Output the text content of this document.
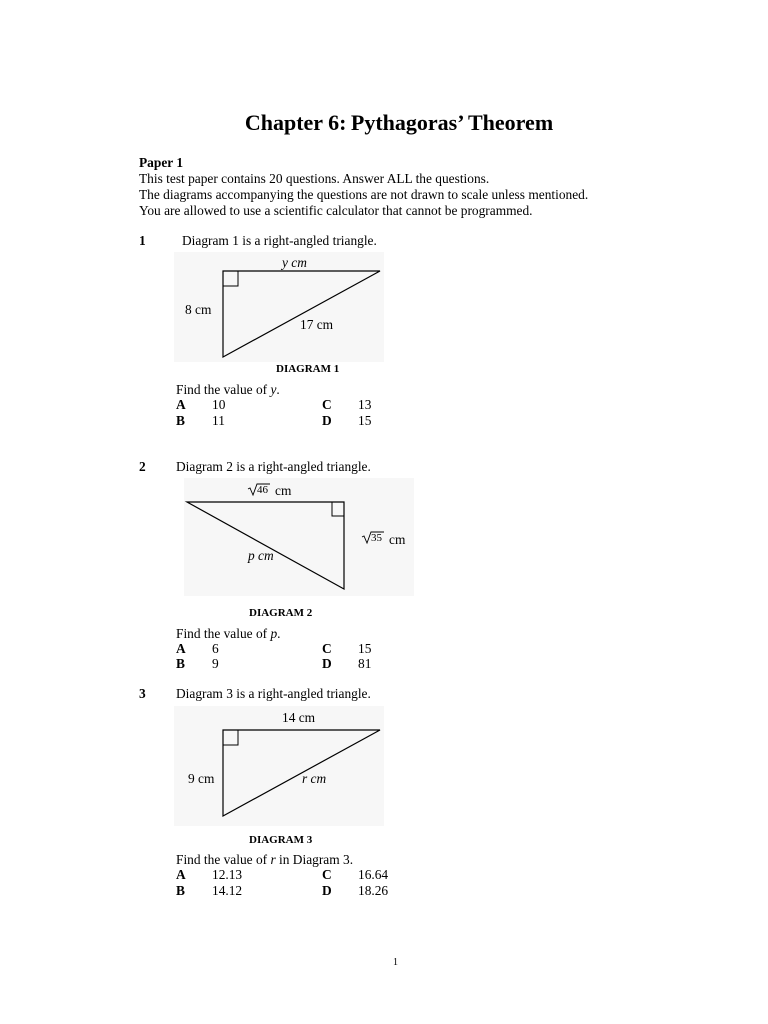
Chapter 6: Pythagoras’ Theorem
Paper 1
This test paper contains 20 questions. Answer ALL the questions.
The diagrams accompanying the questions are not drawn to scale unless mentioned.
You are allowed to use a scientific calculator that cannot be programmed.
1	Diagram 1 is a right-angled triangle.
y cm
8 cm
17 cm
DIAGRAM 1
Find the value of y.
A 10	C 13
B 11	D 15
2 Diagram 2 is a right-angled triangle.
46 cm
35 cm
p cm
DIAGRAM 2
Find the value of p.
A 6	C 15
B 9	D 81
3 Diagram 3 is a right-angled triangle.
14 cm
9 cm	r cm
DIAGRAM 3
Find the value of r in Diagram 3.
A 12.13	C 16.64
B 14.12	D 18.26
1
